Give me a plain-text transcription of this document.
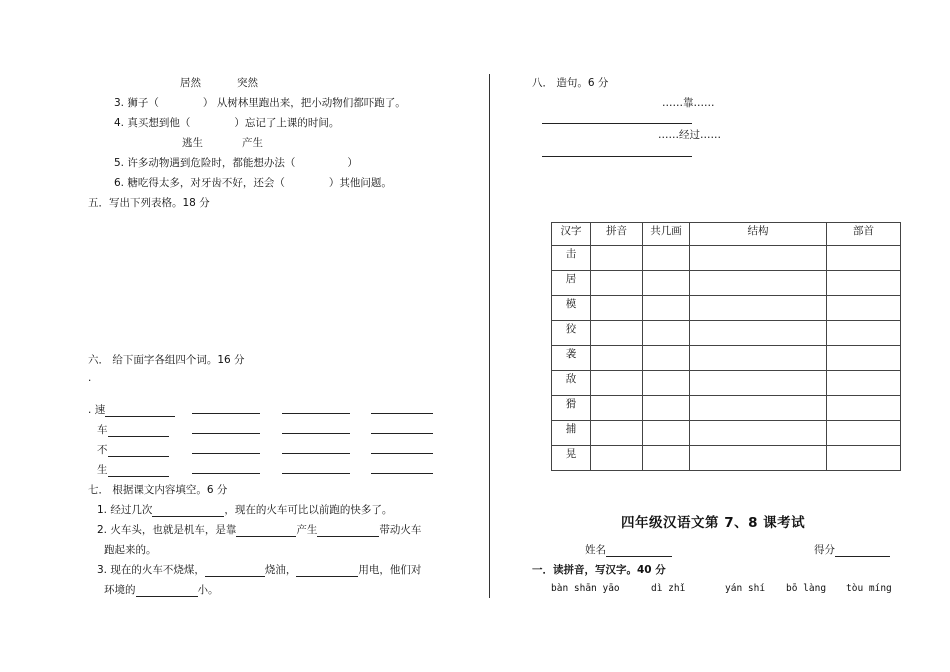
居然	突然
3. 狮子（	） 从树林里跑出来，把小动物们都吓跑了。
4. 真买想到他（	）忘记了上课的时间。
逃生	产生
5. 许多动物遇到危险时，都能想办法（	）
6. 糖吃得太多，对牙齿不好，还会（	）其他问题。
五．写出下列表格。18 分
六． 给下面字各组四个词。16 分
.
. 速
车
不
生
七． 根据课文内容填空。6 分
1. 经过几次	，现在的火车可比以前跑的快多了。
2. 火车头，也就是机车，是靠	产生	带动火车
跑起来的。
3. 现在的火车不烧煤，	烧油，	用电，他们对
环境的	小。
八． 造句。6 分
……靠……
……经过……
汉字	拼音	共几画	结构	部首
击				
居				
模				
狡				
袭				
敌				
猾				
捕				
晃				
四年级汉语文第 7、8 课考试
姓名	得分
一．读拼音，写汉字。40 分
bàn shān yāo	dì zhǐ	yán shí bō làng tòu míng
